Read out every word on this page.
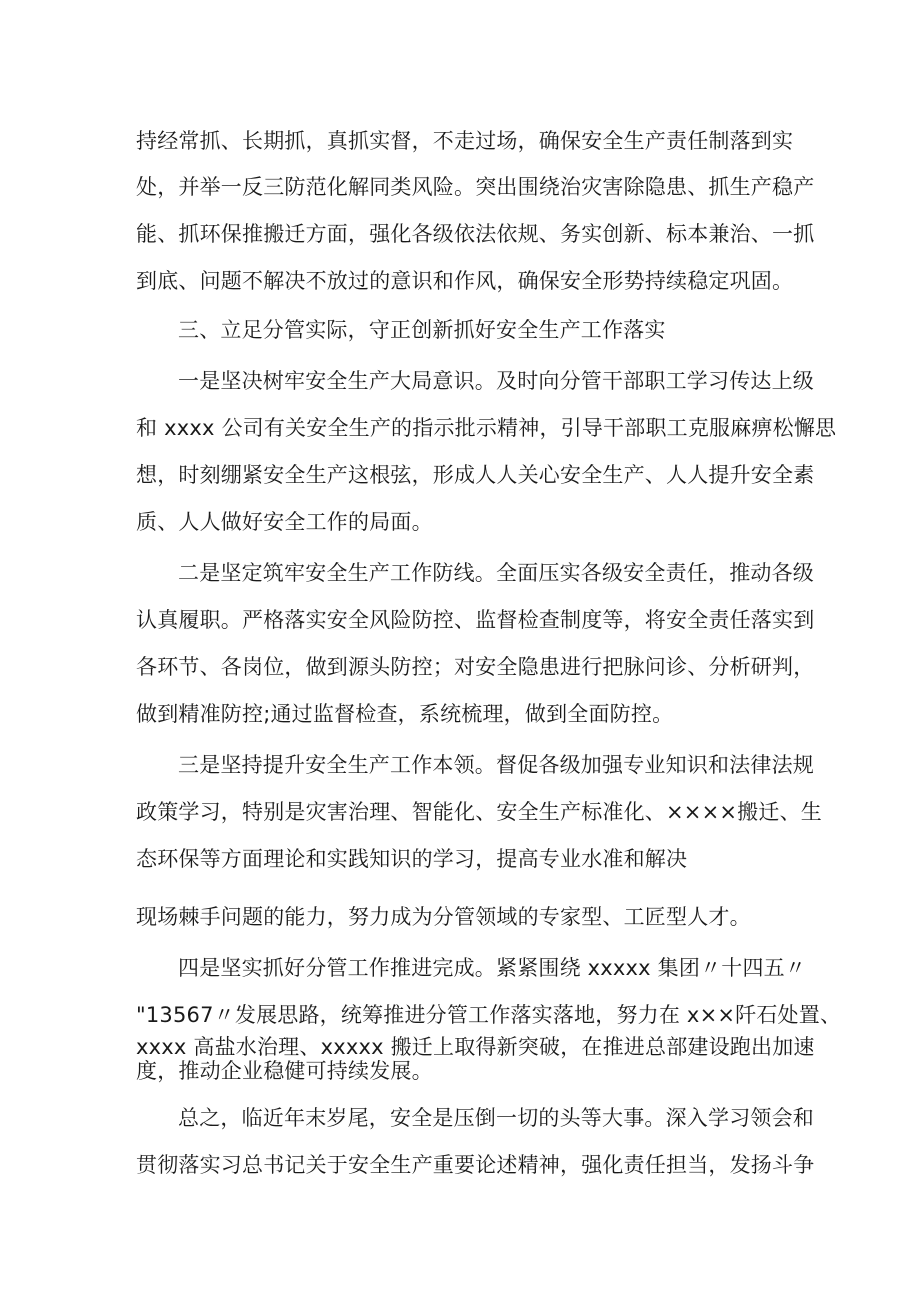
持经常抓、长期抓，真抓实督，不走过场，确保安全生产责任制落到实
处，并举一反三防范化解同类风险。突出围绕治灾害除隐患、抓生产稳产
能、抓环保推搬迁方面，强化各级依法依规、务实创新、标本兼治、一抓
到底、问题不解决不放过的意识和作风，确保安全形势持续稳定巩固。
三、立足分管实际，守正创新抓好安全生产工作落实
一是坚决树牢安全生产大局意识。及时向分管干部职工学习传达上级
和 xxxx 公司有关安全生产的指示批示精神，引导干部职工克服麻痹松懈思
想，时刻绷紧安全生产这根弦，形成人人关心安全生产、人人提升安全素
质、人人做好安全工作的局面。
二是坚定筑牢安全生产工作防线。全面压实各级安全责任，推动各级
认真履职。严格落实安全风险防控、监督检查制度等，将安全责任落实到
各环节、各岗位，做到源头防控；对安全隐患进行把脉问诊、分析研判，
做到精准防控;通过监督检查，系统梳理，做到全面防控。
三是坚持提升安全生产工作本领。督促各级加强专业知识和法律法规
政策学习，特别是灾害治理、智能化、安全生产标准化、××××搬迁、生
态环保等方面理论和实践知识的学习，提高专业水准和解决
现场棘手问题的能力，努力成为分管领域的专家型、工匠型人才。
四是坚实抓好分管工作推进完成。紧紧围绕 xxxxx 集团〃十四五〃
"13567〃发展思路，统筹推进分管工作落实落地，努力在 x××阡石处置、
xxxx 高盐水治理、xxxxx 搬迁上取得新突破，在推进总部建设跑出加速
度，推动企业稳健可持续发展。
总之，临近年末岁尾，安全是压倒一切的头等大事。深入学习领会和
贯彻落实习总书记关于安全生产重要论述精神，强化责任担当，发扬斗争
